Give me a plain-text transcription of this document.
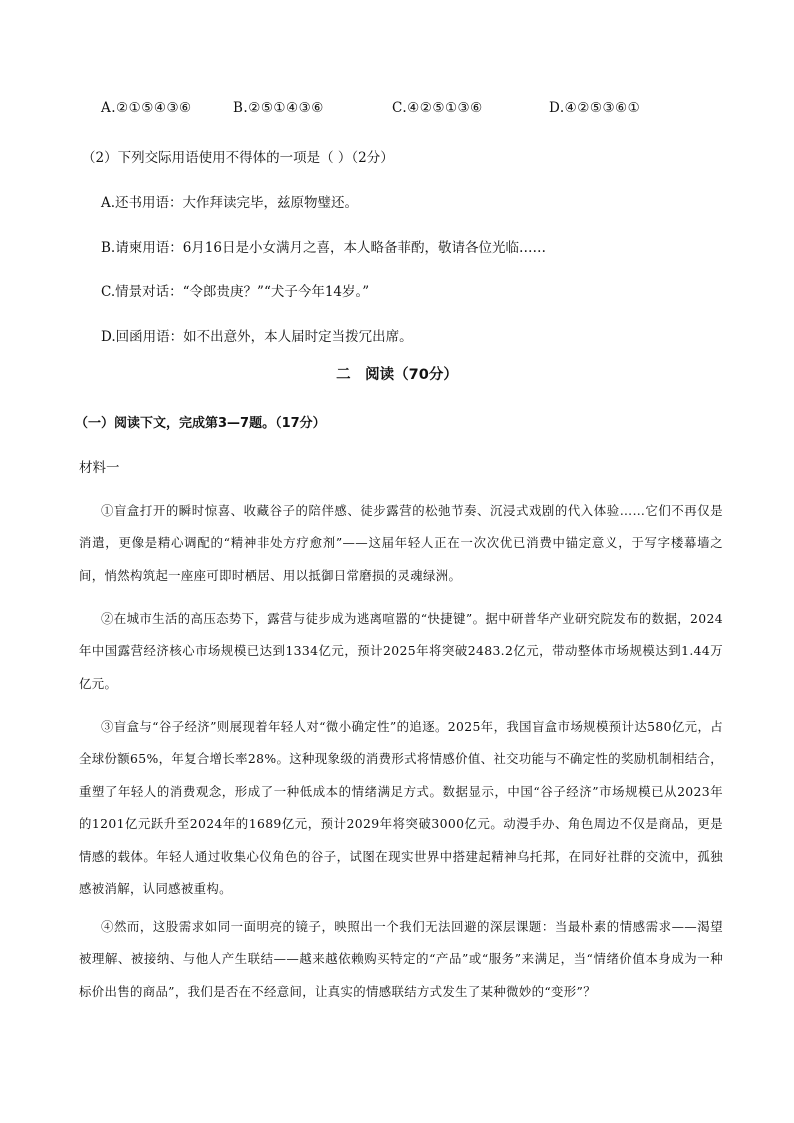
A.②①⑤④③⑥	B.②⑤①④③⑥	C.④②⑤①③⑥	D.④②⑤③⑥①
（2）下列交际用语使用不得体的一项是（ ）（2分）
A.还书用语：大作拜读完毕，兹原物璧还。
B.请柬用语：6月16日是小女满月之喜，本人略备菲酌，敬请各位光临……
C.情景对话：“令郎贵庚？”“犬子今年14岁。”
D.回函用语：如不出意外，本人届时定当拨冗出席。
二　阅读（70分）
（一）阅读下文，完成第3—7题。（17分）
材料一
①盲盒打开的瞬时惊喜、收藏谷子的陪伴感、徒步露营的松弛节奏、沉浸式戏剧的代入体验……它们不再仅是消遣，更像是精心调配的“精神非处方疗愈剂”——这届年轻人正在一次次优已消费中锚定意义，于写字楼幕墙之间，悄然构筑起一座座可即时栖居、用以抵御日常磨损的灵魂绿洲。
②在城市生活的高压态势下，露营与徒步成为逃离喧嚣的“快捷键”。据中研普华产业研究院发布的数据，2024年中国露营经济核心市场规模已达到1334亿元，预计2025年将突破2483.2亿元，带动整体市场规模达到1.44万亿元。
③盲盒与“谷子经济”则展现着年轻人对“微小确定性”的追逐。2025年，我国盲盒市场规模预计达580亿元，占全球份额65%，年复合增长率28%。这种现象级的消费形式将情感价值、社交功能与不确定性的奖励机制相结合，重塑了年轻人的消费观念，形成了一种低成本的情绪满足方式。数据显示，中国“谷子经济”市场规模已从2023年的1201亿元跃升至2024年的1689亿元，预计2029年将突破3000亿元。动漫手办、角色周边不仅是商品，更是情感的载体。年轻人通过收集心仪角色的谷子，试图在现实世界中搭建起精神乌托邦，在同好社群的交流中，孤独感被消解，认同感被重构。
④然而，这股需求如同一面明亮的镜子，映照出一个我们无法回避的深层课题：当最朴素的情感需求——渴望被理解、被接纳、与他人产生联结——越来越依赖购买特定的“产品”或“服务”来满足，当“情绪价值本身成为一种标价出售的商品”，我们是否在不经意间，让真实的情感联结方式发生了某种微妙的“变形”？
